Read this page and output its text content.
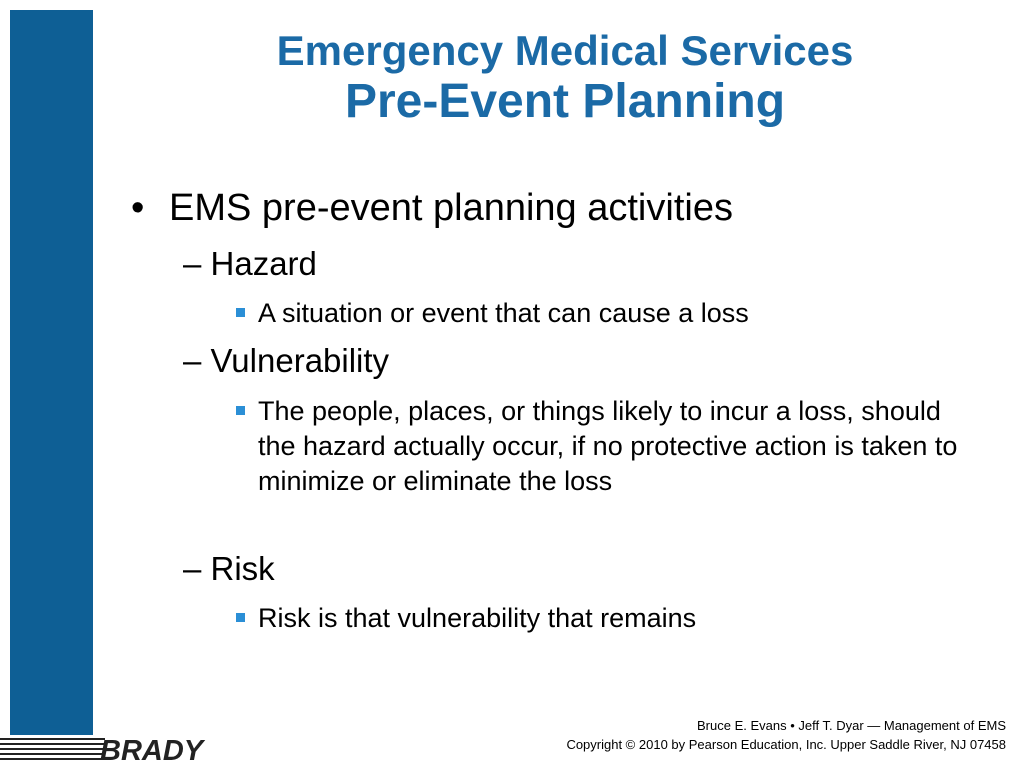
Emergency Medical Services
Pre-Event Planning
• EMS pre-event planning activities
– Hazard
A situation or event that can cause a loss
– Vulnerability
The people, places, or things likely to incur a loss, should the hazard actually occur, if no protective action is taken to minimize or eliminate the loss
– Risk
Risk is that vulnerability that remains
BRADY
Bruce E. Evans • Jeff T. Dyar — Management of EMS
Copyright © 2010 by Pearson Education, Inc. Upper Saddle River, NJ 07458
